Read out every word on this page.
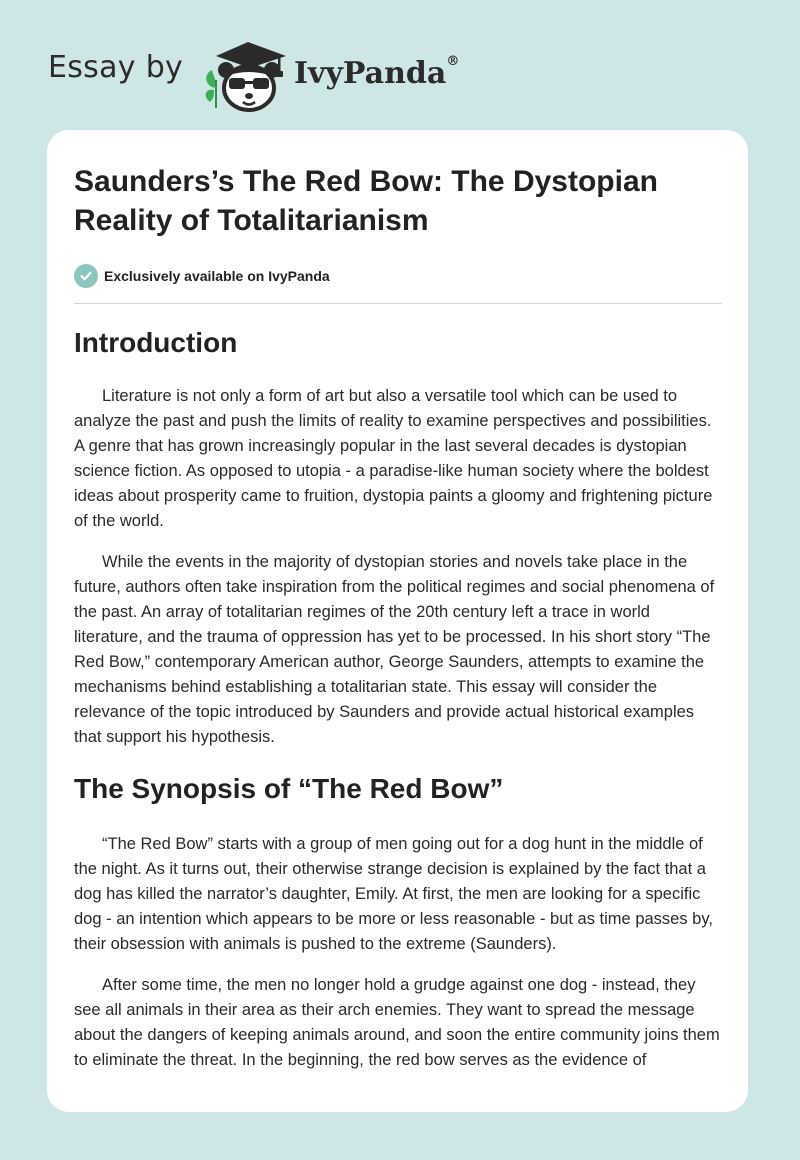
Essay by	IvyPanda®
Saunders’s The Red Bow: The Dystopian Reality of Totalitarianism
Exclusively available on IvyPanda
Introduction

Literature is not only a form of art but also a versatile tool which can be used to analyze the past and push the limits of reality to examine perspectives and possibilities. A genre that has grown increasingly popular in the last several decades is dystopian science fiction. As opposed to utopia - a paradise-like human society where the boldest ideas about prosperity came to fruition, dystopia paints a gloomy and frightening picture of the world.

While the events in the majority of dystopian stories and novels take place in the future, authors often take inspiration from the political regimes and social phenomena of the past. An array of totalitarian regimes of the 20th century left a trace in world literature, and the trauma of oppression has yet to be processed. In his short story “The Red Bow,” contemporary American author, George Saunders, attempts to examine the mechanisms behind establishing a totalitarian state. This essay will consider the relevance of the topic introduced by Saunders and provide actual historical examples that support his hypothesis.

The Synopsis of “The Red Bow”

“The Red Bow” starts with a group of men going out for a dog hunt in the middle of the night. As it turns out, their otherwise strange decision is explained by the fact that a dog has killed the narrator’s daughter, Emily. At first, the men are looking for a specific dog - an intention which appears to be more or less reasonable - but as time passes by, their obsession with animals is pushed to the extreme (Saunders).

After some time, the men no longer hold a grudge against one dog - instead, they see all animals in their area as their arch enemies. They want to spread the message about the dangers of keeping animals around, and soon the entire community joins them to eliminate the threat. In the beginning, the red bow serves as the evidence of
